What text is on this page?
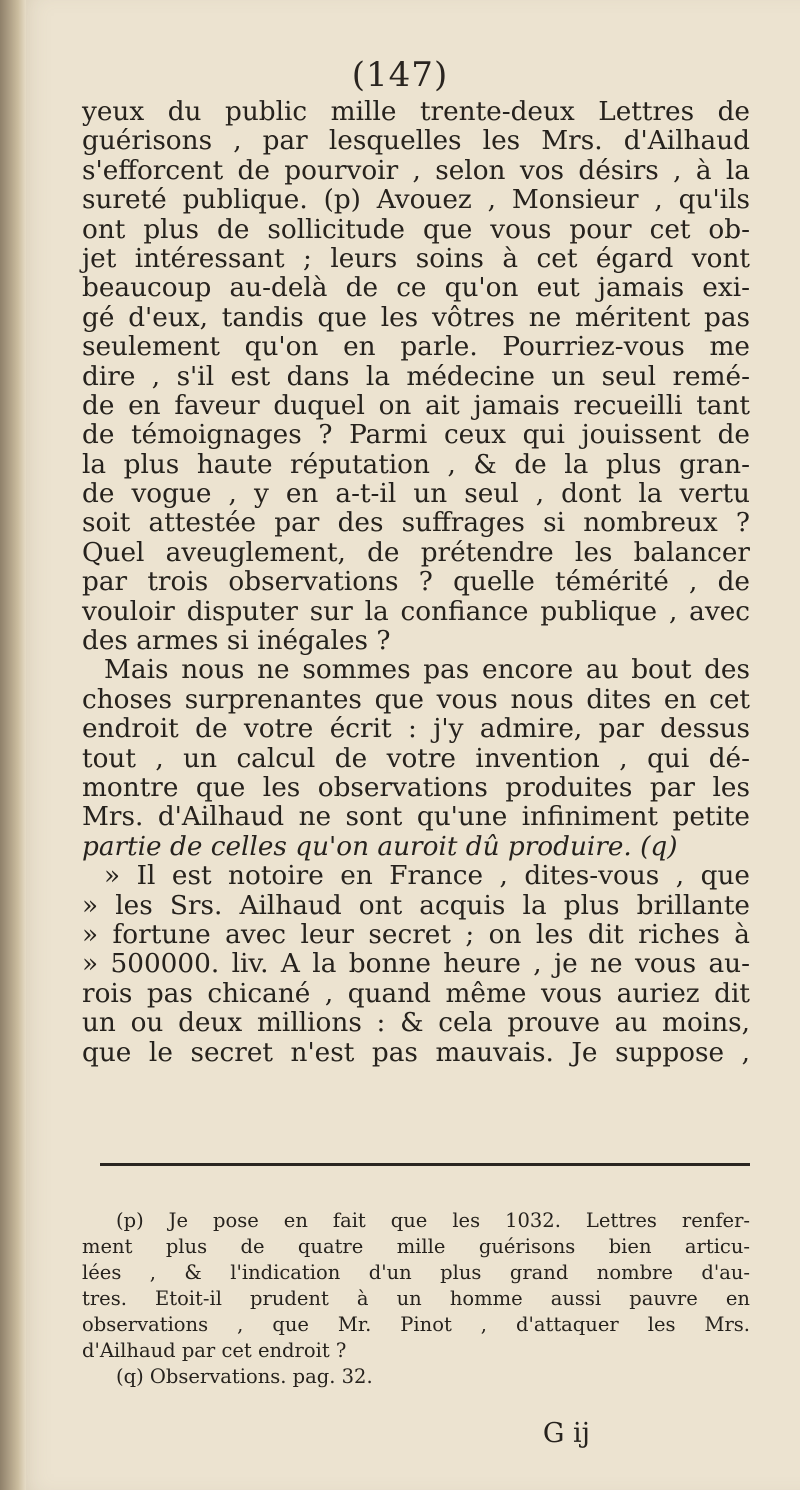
(147)
yeux du public mille trente-deux Lettres de
guérisons , par lesquelles les Mrs. d'Ailhaud
s'efforcent de pourvoir , selon vos désirs , à la
sureté publique. (p) Avouez , Monsieur , qu'ils
ont plus de sollicitude que vous pour cet ob-
jet intéressant ; leurs soins à cet égard vont
beaucoup au-delà de ce qu'on eut jamais exi-
gé d'eux, tandis que les vôtres ne méritent pas
seulement qu'on en parle. Pourriez-vous me
dire , s'il est dans la médecine un seul remé-
de en faveur duquel on ait jamais recueilli tant
de témoignages ? Parmi ceux qui jouissent de
la plus haute réputation , & de la plus gran-
de vogue , y en a-t-il un seul , dont la vertu
soit attestée par des suffrages si nombreux ?
Quel aveuglement, de prétendre les balancer
par trois observations ? quelle témérité , de
vouloir disputer sur la confiance publique , avec
des armes si inégales ?
Mais nous ne sommes pas encore au bout des
choses surprenantes que vous nous dites en cet
endroit de votre écrit : j'y admire, par dessus
tout , un calcul de votre invention , qui dé-
montre que les observations produites par les
Mrs. d'Ailhaud ne sont qu'une infiniment petite
partie de celles qu'on auroit dû produire. (q)
» Il est notoire en France , dites-vous , que
» les Srs. Ailhaud ont acquis la plus brillante
» fortune avec leur secret ; on les dit riches à
» 500000. liv. A la bonne heure , je ne vous au-
rois pas chicané , quand même vous auriez dit
un ou deux millions : & cela prouve au moins,
que le secret n'est pas mauvais. Je suppose ,
(p) Je pose en fait que les 1032. Lettres renfer-
ment plus de quatre mille guérisons bien articu-
lées , & l'indication d'un plus grand nombre d'au-
tres. Etoit-il prudent à un homme aussi pauvre en
observations , que Mr. Pinot , d'attaquer les Mrs.
d'Ailhaud par cet endroit ?
(q) Observations. pag. 32.
G ij
